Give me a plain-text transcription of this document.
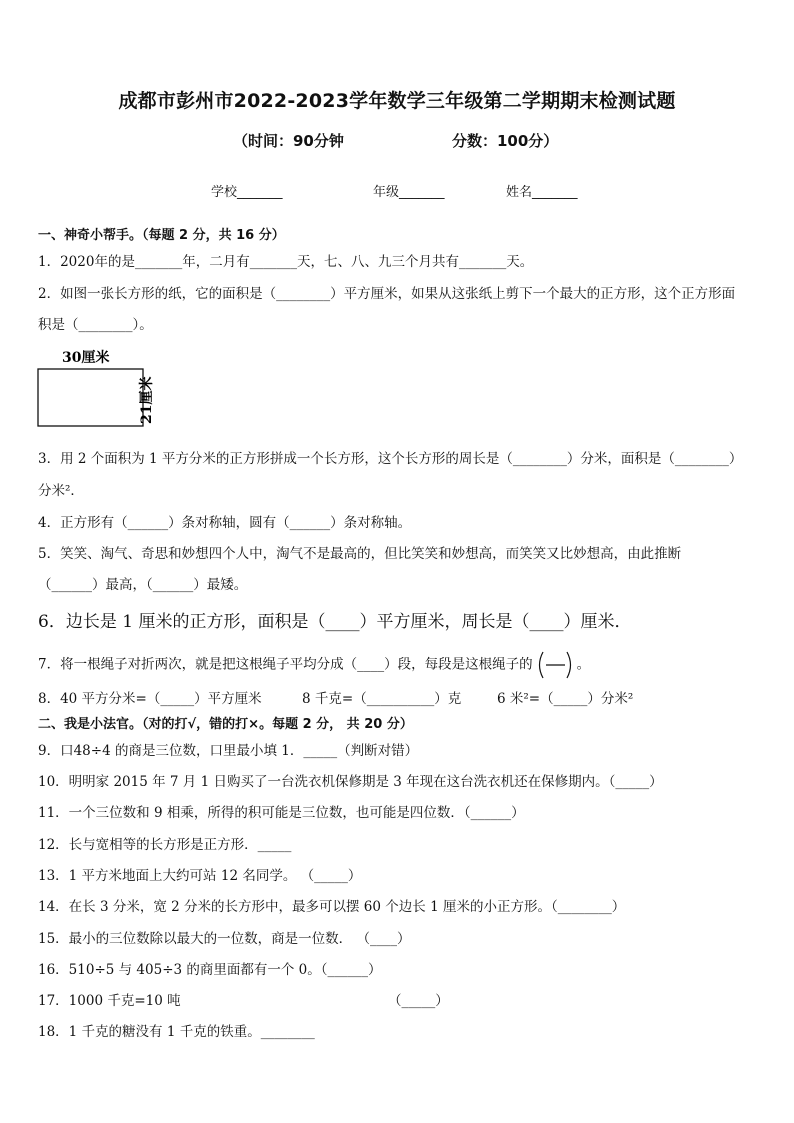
成都市彭州市2022-2023学年数学三年级第二学期期末检测试题
（时间：90分钟	分数：100分）
学校_______	年级_______	姓名_______
一、神奇小帮手。（每题 2 分，共 16 分）
1．2020年的是_______年，二月有_______天，七、八、九三个月共有_______天。
2．如图一张长方形的纸，它的面积是（________）平方厘米，如果从这张纸上剪下一个最大的正方形，这个正方形面
积是（________）。
30厘米
21厘米
3．用 2 个面积为 1 平方分米的正方形拼成一个长方形，这个长方形的周长是（________）分米，面积是（________）
分米²．
4．正方形有（______）条对称轴，圆有（______）条对称轴。
5．笑笑、淘气、奇思和妙想四个人中，淘气不是最高的，但比笑笑和妙想高，而笑笑又比妙想高，由此推断
（______）最高，（______）最矮。
6．边长是 1 厘米的正方形，面积是（____）平方厘米，周长是（____）厘米．
7．将一根绳子对折两次，就是把这根绳子平均分成（____）段，每段是这根绳子的	。
8．40 平方分米=（_____）平方厘米	8 千克=（__________）克	6 米²=（_____）分米²
二、我是小法官。（对的打√，错的打×。每题 2 分， 共 20 分）
9．口48÷4 的商是三位数，口里最小填 1．_____（判断对错）
10．明明家 2015 年 7 月 1 日购买了一台洗衣机保修期是 3 年现在这台洗衣机还在保修期内。（_____）
11．一个三位数和 9 相乘，所得的积可能是三位数，也可能是四位数．（______）
12．长与宽相等的长方形是正方形．_____
13．1 平方米地面上大约可站 12 名同学。 （_____）
14．在长 3 分米，宽 2 分米的长方形中，最多可以摆 60 个边长 1 厘米的小正方形。（________）
15．最小的三位数除以最大的一位数，商是一位数． （____）
16．510÷5 与 405÷3 的商里面都有一个 0。（______）
17．1000 千克=10 吨	（_____）
18．1 千克的糖没有 1 千克的铁重。________
